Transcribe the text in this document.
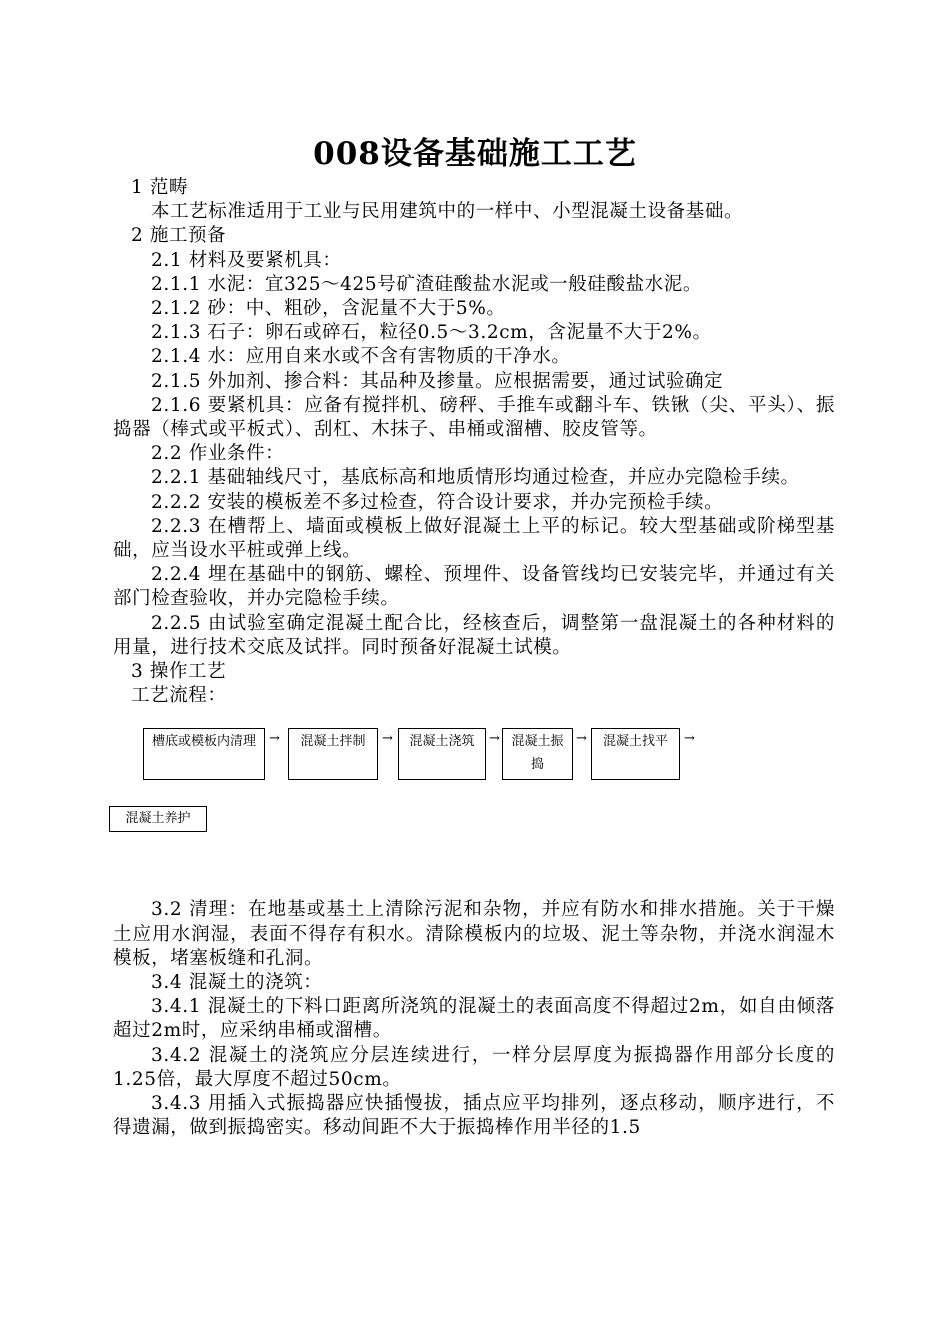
008设备基础施工工艺

1 范畴

本工艺标准适用于工业与民用建筑中的一样中、小型混凝土设备基础。

2 施工预备

2.1 材料及要紧机具：

2.1.1 水泥：宜325～425号矿渣硅酸盐水泥或一般硅酸盐水泥。

2.1.2 砂：中、粗砂，含泥量不大于5%。

2.1.3 石子：卵石或碎石，粒径0.5～3.2cm，含泥量不大于2%。

2.1.4 水：应用自来水或不含有害物质的干净水。

2.1.5 外加剂、掺合料：其品种及掺量。应根据需要，通过试验确定

2.1.6 要紧机具：应备有搅拌机、磅秤、手推车或翻斗车、铁锹（尖、平头）、振捣器（棒式或平板式）、刮杠、木抹子、串桶或溜槽、胶皮管等。

2.2 作业条件：

2.2.1 基础轴线尺寸，基底标高和地质情形均通过检查，并应办完隐检手续。

2.2.2 安装的模板差不多过检查，符合设计要求，并办完预检手续。

2.2.3 在槽帮上、墙面或模板上做好混凝土上平的标记。较大型基础或阶梯型基础，应当设水平桩或弹上线。

2.2.4 埋在基础中的钢筋、螺栓、预埋件、设备管线均已安装完毕，并通过有关部门检查验收，并办完隐检手续。

2.2.5 由试验室确定混凝土配合比，经核查后，调整第一盘混凝土的各种材料的用量，进行技术交底及试拌。同时预备好混凝土试模。

3 操作工艺

工艺流程：

槽底或模板内清理	→	混凝土拌制	→	混凝土浇筑	→ 混凝土振捣
→	混凝土找平	→
混凝土养护

3.2 清理：在地基或基土上清除污泥和杂物，并应有防水和排水措施。关于干燥土应用水润湿，表面不得存有积水。清除模板内的垃圾、泥土等杂物，并浇水润湿木模板，堵塞板缝和孔洞。

3.4 混凝土的浇筑：

3.4.1 混凝土的下料口距离所浇筑的混凝土的表面高度不得超过2m，如自由倾落超过2m时，应采纳串桶或溜槽。

3.4.2 混凝土的浇筑应分层连续进行，一样分层厚度为振捣器作用部分长度的1.25倍，最大厚度不超过50cm。

3.4.3 用插入式振捣器应快插慢拔，插点应平均排列，逐点移动，顺序进行，不得遗漏，做到振捣密实。移动间距不大于振捣棒作用半径的1.5
